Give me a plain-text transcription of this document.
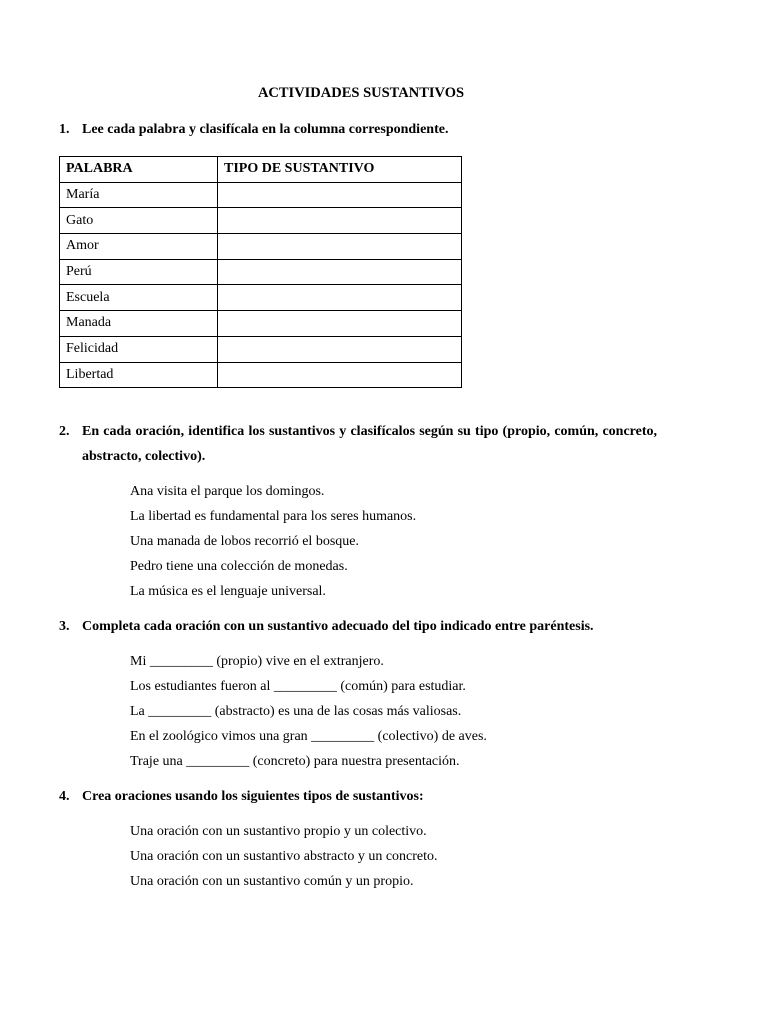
ACTIVIDADES SUSTANTIVOS
1. Lee cada palabra y clasifícala en la columna correspondiente.
PALABRA	TIPO DE SUSTANTIVO
María	
Gato	
Amor	
Perú	
Escuela	
Manada	
Felicidad	
Libertad	
2. En cada oración, identifica los sustantivos y clasifícalos según su tipo (propio, común, concreto, abstracto, colectivo).
Ana visita el parque los domingos.
La libertad es fundamental para los seres humanos.
Una manada de lobos recorrió el bosque.
Pedro tiene una colección de monedas.
La música es el lenguaje universal.
3. Completa cada oración con un sustantivo adecuado del tipo indicado entre paréntesis.
Mi _________ (propio) vive en el extranjero.
Los estudiantes fueron al _________ (común) para estudiar.
La _________ (abstracto) es una de las cosas más valiosas.
En el zoológico vimos una gran _________ (colectivo) de aves.
Traje una _________ (concreto) para nuestra presentación.
4. Crea oraciones usando los siguientes tipos de sustantivos:
Una oración con un sustantivo propio y un colectivo.
Una oración con un sustantivo abstracto y un concreto.
Una oración con un sustantivo común y un propio.
